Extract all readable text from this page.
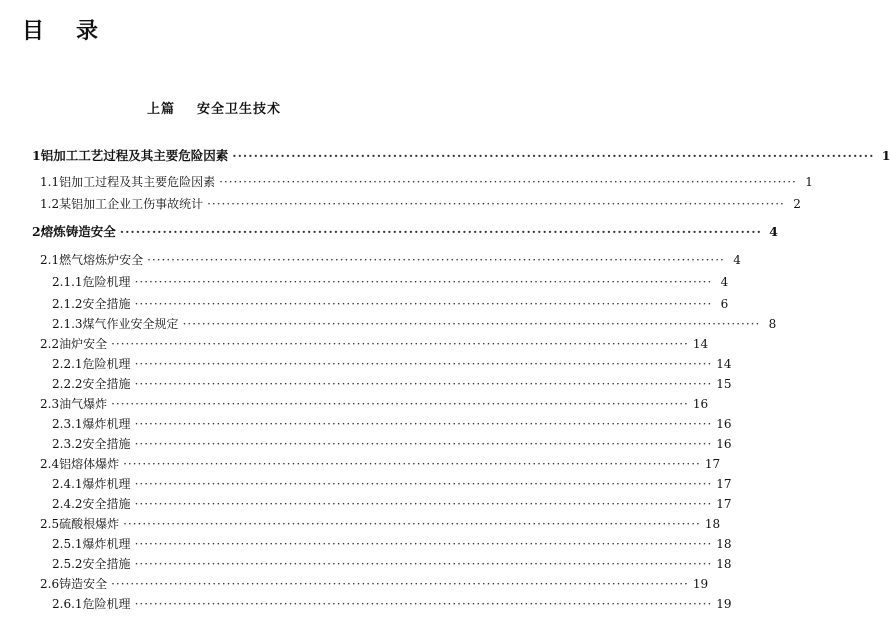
目录
上篇 安全卫生技术
1 铝加工工艺过程及其主要危险因素 ························································································································ 1
1.1 铝加工过程及其主要危险因素 ························································································································ 1
1.2 某铝加工企业工伤事故统计 ························································································································ 2
2 熔炼铸造安全 ························································································································ 4
2.1 燃气熔炼炉安全 ························································································································ 4
2.1.1 危险机理 ························································································································ 4
2.1.2 安全措施 ························································································································ 6
2.1.3 煤气作业安全规定 ························································································································ 8
2.2 油炉安全 ························································································································ 14
2.2.1 危险机理 ························································································································ 14
2.2.2 安全措施 ························································································································ 15
2.3 油气爆炸 ························································································································ 16
2.3.1 爆炸机理 ························································································································ 16
2.3.2 安全措施 ························································································································ 16
2.4 铝熔体爆炸 ························································································································ 17
2.4.1 爆炸机理 ························································································································ 17
2.4.2 安全措施 ························································································································ 17
2.5 硫酸根爆炸 ························································································································ 18
2.5.1 爆炸机理 ························································································································ 18
2.5.2 安全措施 ························································································································ 18
2.6 铸造安全 ························································································································ 19
2.6.1 危险机理 ························································································································ 19
